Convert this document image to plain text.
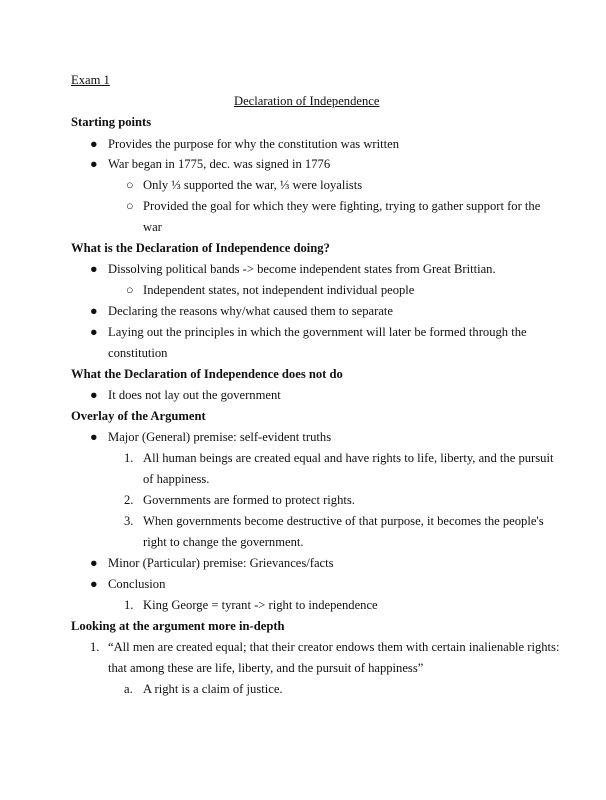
Exam 1
Declaration of Independence
Starting points
● Provides the purpose for why the constitution was written
● War began in 1775, dec. was signed in 1776
○ Only ⅓ supported the war, ⅓ were loyalists
○ Provided the goal for which they were fighting, trying to gather support for the
war
What is the Declaration of Independence doing?
● Dissolving political bands -> become independent states from Great Brittian.
○ Independent states, not independent individual people
● Declaring the reasons why/what caused them to separate
● Laying out the principles in which the government will later be formed through the
constitution
What the Declaration of Independence does not do
● It does not lay out the government
Overlay of the Argument
● Major (General) premise: self-evident truths
1. All human beings are created equal and have rights to life, liberty, and the pursuit
of happiness.
2. Governments are formed to protect rights.
3. When governments become destructive of that purpose, it becomes the people's
right to change the government.
● Minor (Particular) premise: Grievances/facts
● Conclusion
1. King George = tyrant -> right to independence
Looking at the argument more in-depth
1. “All men are created equal; that their creator endows them with certain inalienable rights:
that among these are life, liberty, and the pursuit of happiness”
a. A right is a claim of justice.
